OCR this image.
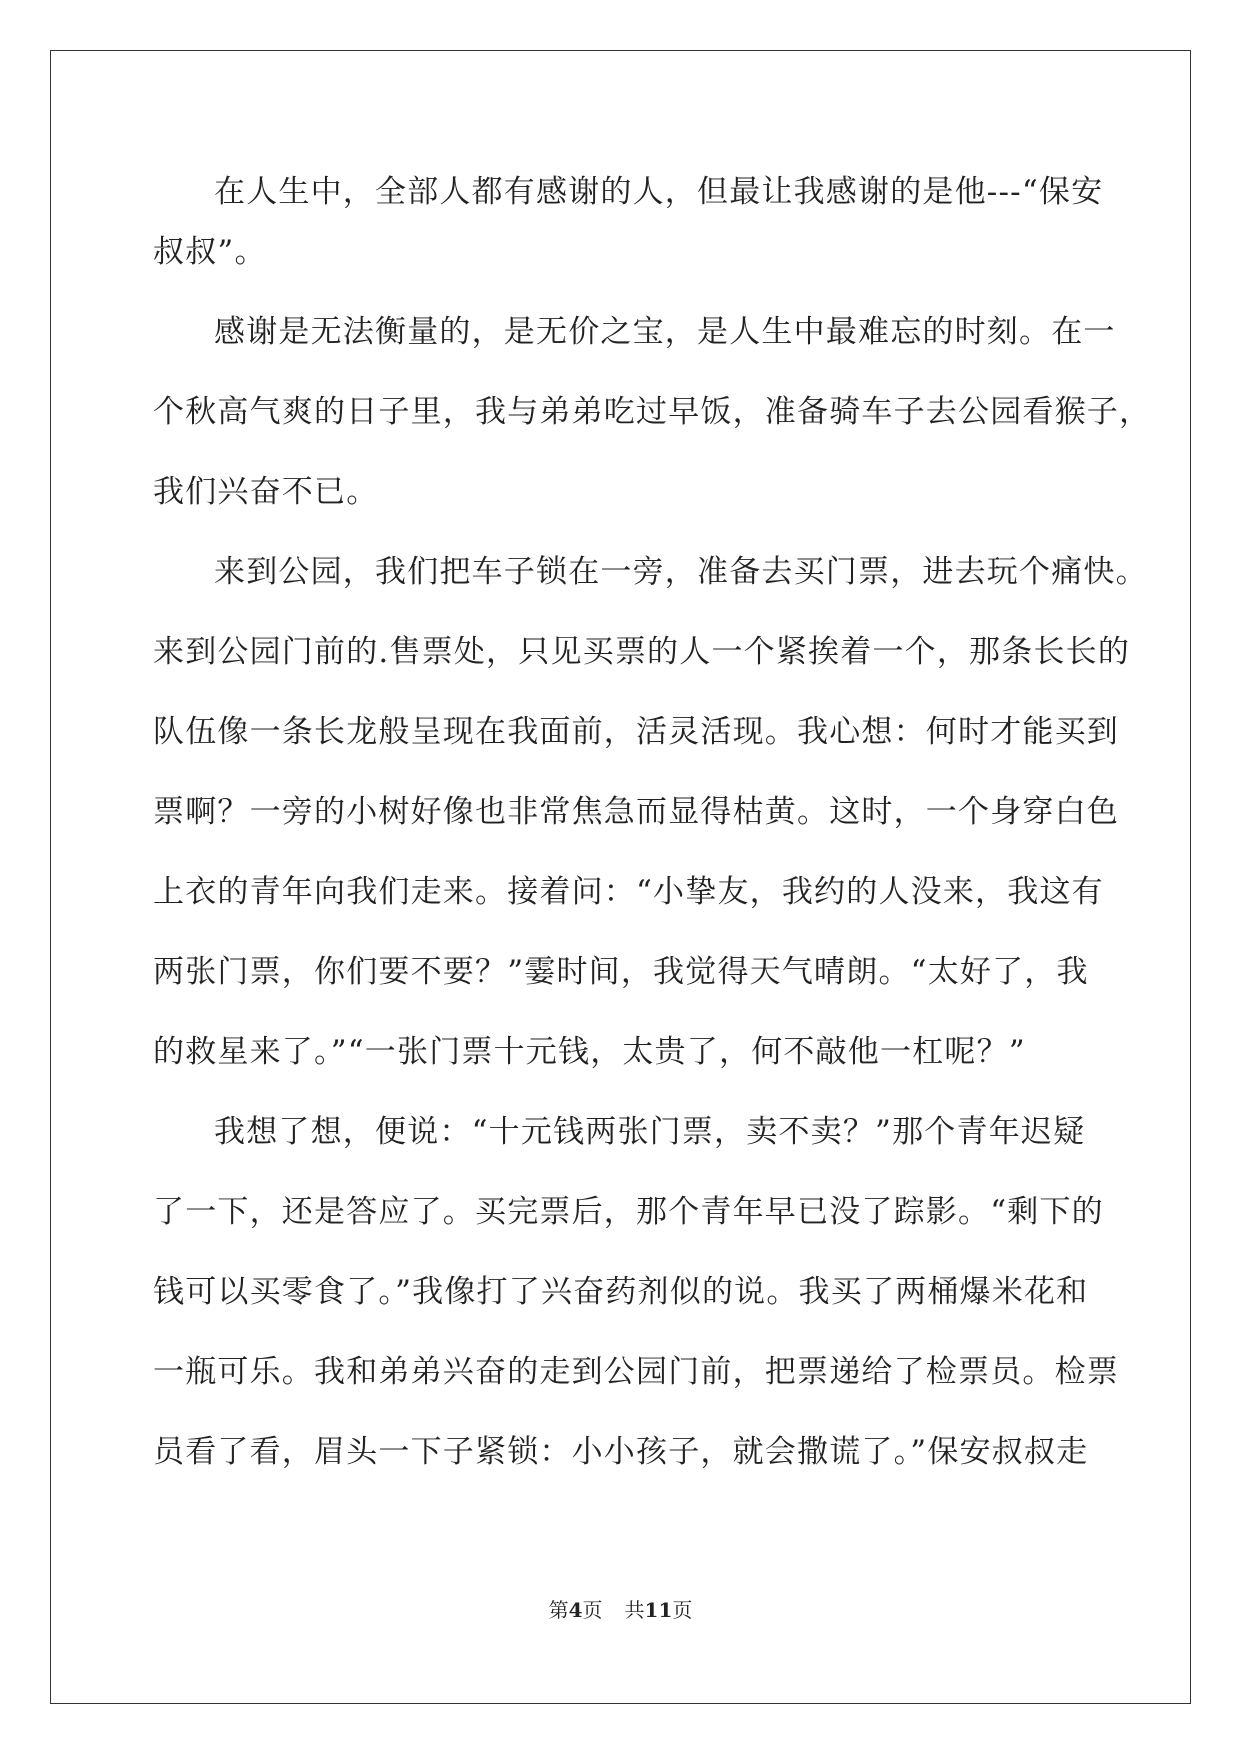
在人生中，全部人都有感谢的人，但最让我感谢的是他---“保安
叔叔”。
感谢是无法衡量的，是无价之宝，是人生中最难忘的时刻。在一
个秋高气爽的日子里，我与弟弟吃过早饭，准备骑车子去公园看猴子，
我们兴奋不已。
来到公园，我们把车子锁在一旁，准备去买门票，进去玩个痛快。
来到公园门前的.售票处，只见买票的人一个紧挨着一个，那条长长的
队伍像一条长龙般呈现在我面前，活灵活现。我心想：何时才能买到
票啊？一旁的小树好像也非常焦急而显得枯黄。这时，一个身穿白色
上衣的青年向我们走来。接着问：“小挚友，我约的人没来，我这有
两张门票，你们要不要？”霎时间，我觉得天气晴朗。“太好了，我
的救星来了。”“一张门票十元钱，太贵了，何不敲他一杠呢？”
我想了想，便说：“十元钱两张门票，卖不卖？”那个青年迟疑
了一下，还是答应了。买完票后，那个青年早已没了踪影。“剩下的
钱可以买零食了。”我像打了兴奋药剂似的说。我买了两桶爆米花和
一瓶可乐。我和弟弟兴奋的走到公园门前，把票递给了检票员。检票
员看了看，眉头一下子紧锁：小小孩子，就会撒谎了。”保安叔叔走
第4页 共11页
